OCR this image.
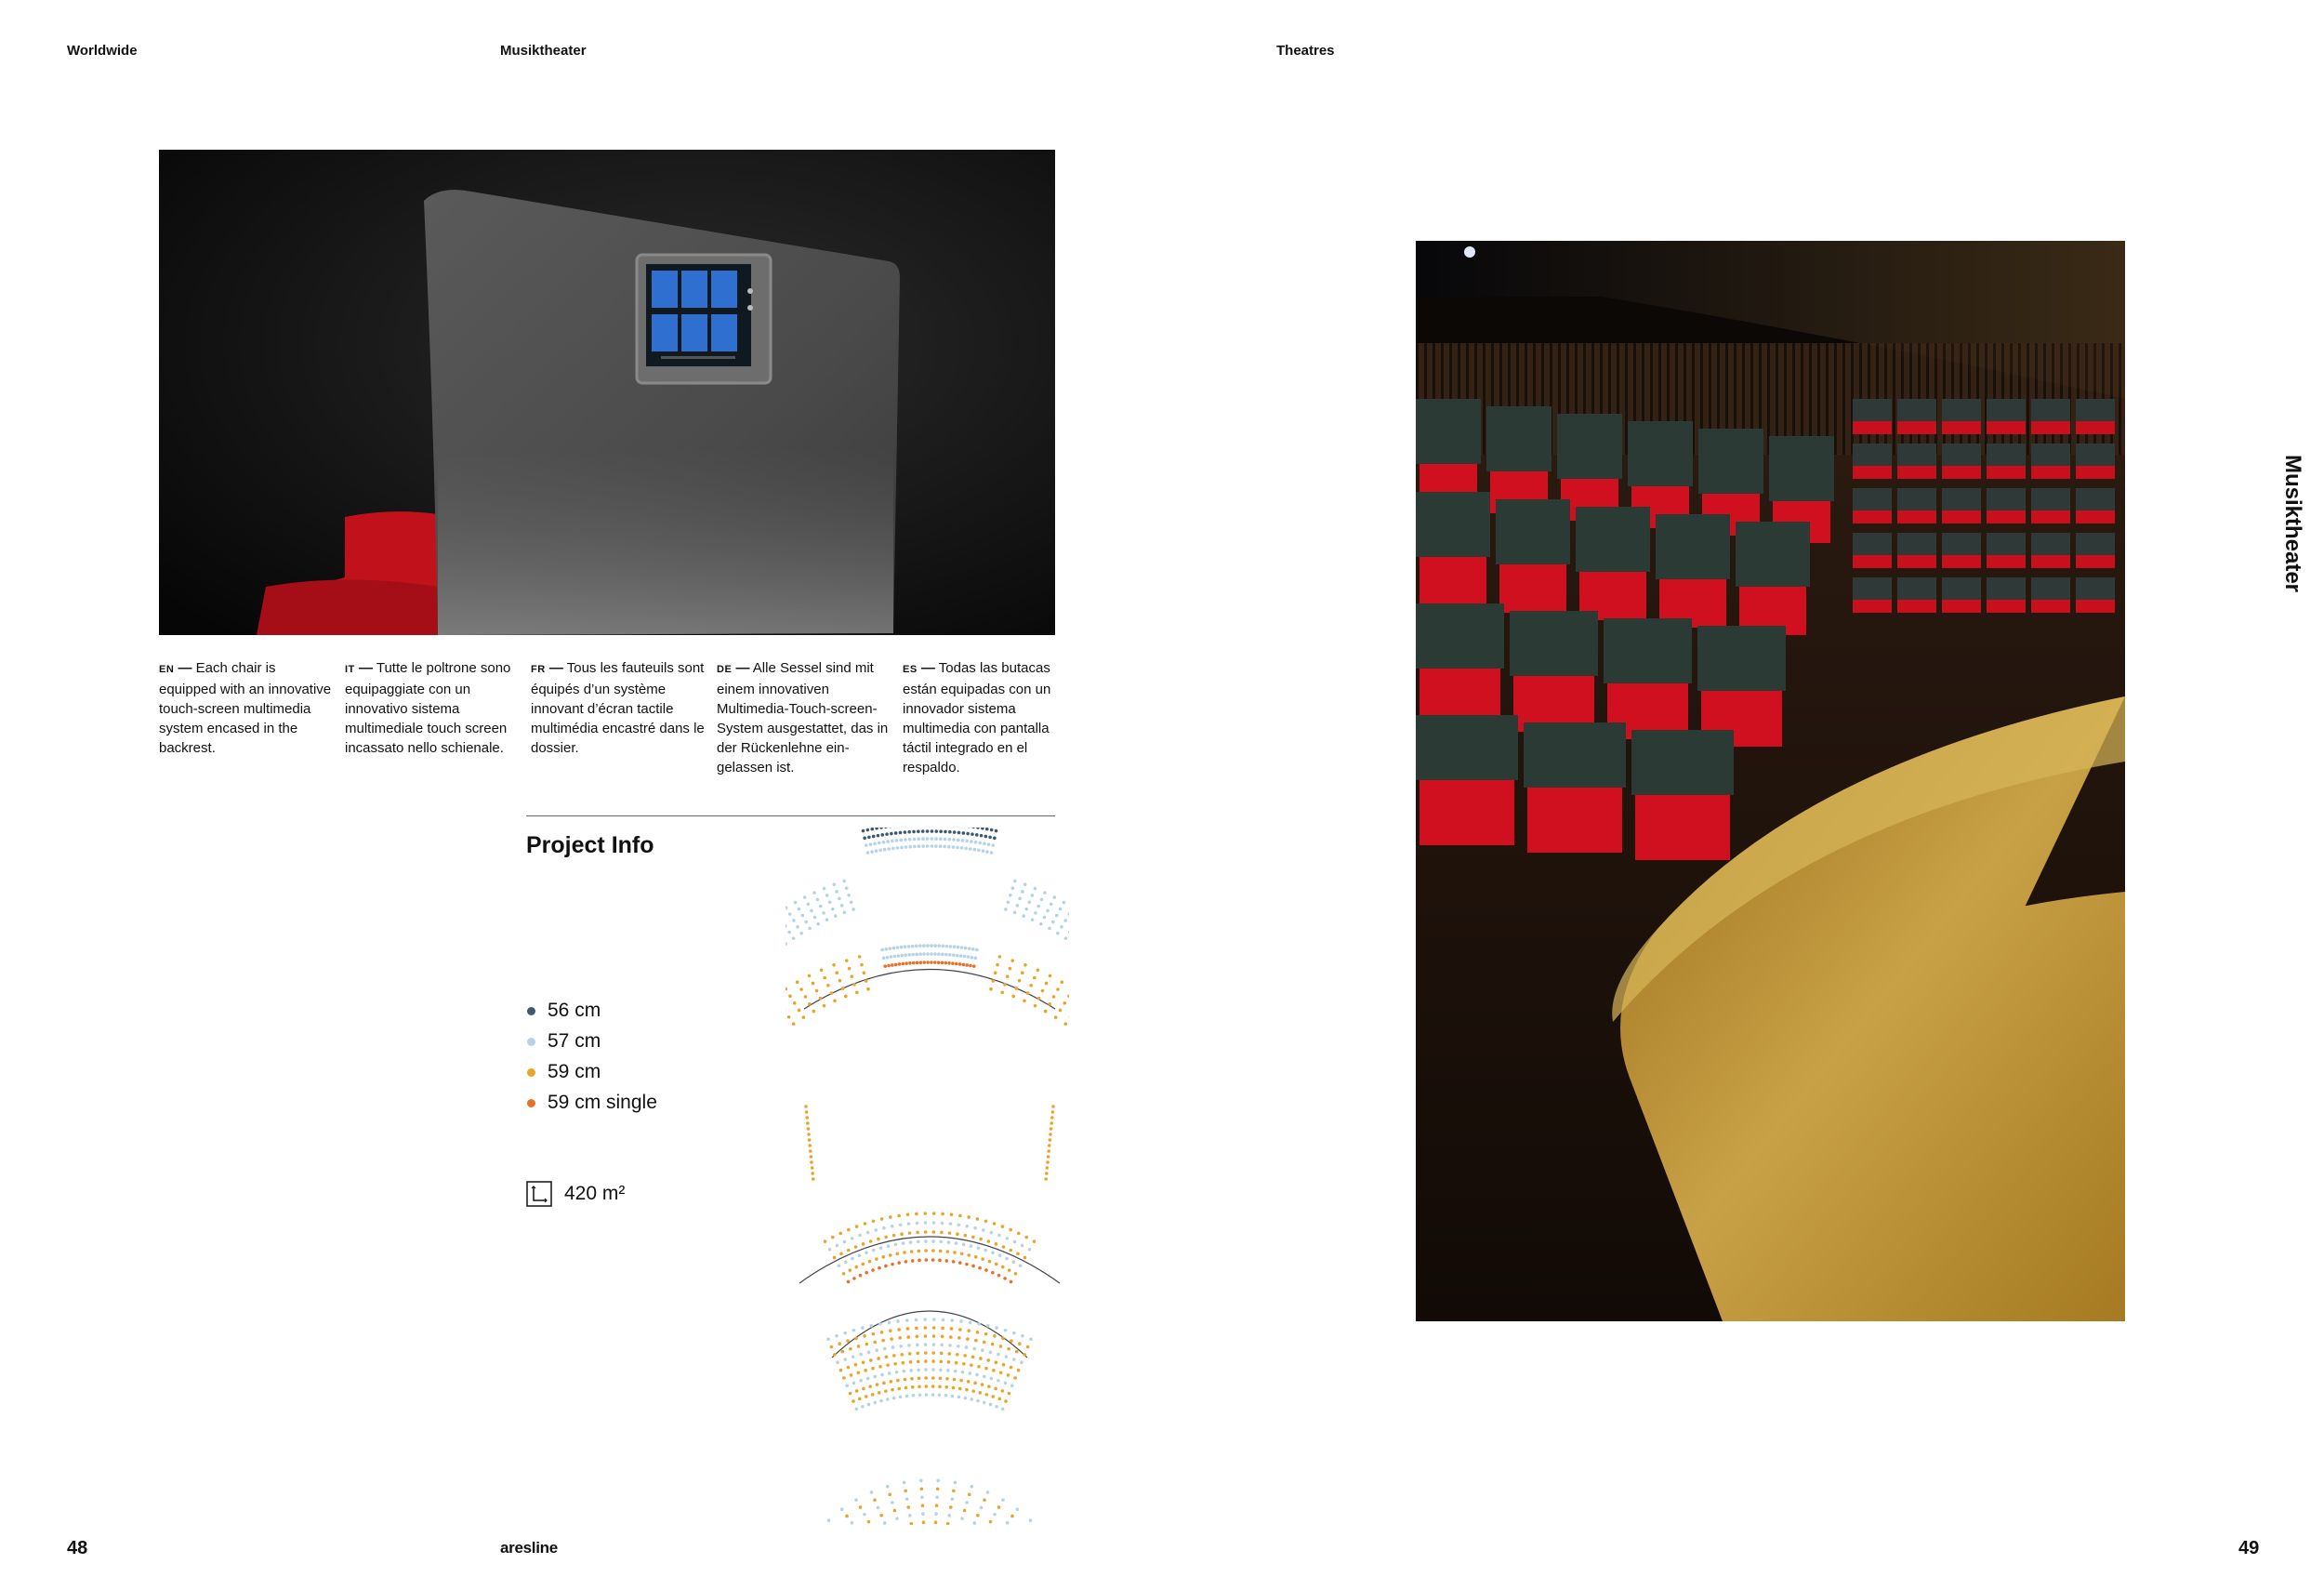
Worldwide	Musiktheater	Theatres
EN — Each chair is equipped with an innovative touch-screen multimedia system encased in the backrest.
IT — Tutte le poltrone sono equipaggiate con un innovativo sistema multimediale touch screen incassato nello schienale.
FR — Tous les fauteuils sont équipés d’un système innovant d’écran tactile multimédia encastré dans le dossier.
DE — Alle Sessel sind mit einem innovativen Multimedia-Touch-screen-System ausgestattet, das in der Rückenlehne ein-gelassen ist.
ES — Todas las butacas están equipadas con un innovador sistema multimedia con pantalla táctil integrado en el respaldo.
Project Info
56 cm
57 cm
59 cm
59 cm single
420 m²
Musiktheater
48	aresline	49
